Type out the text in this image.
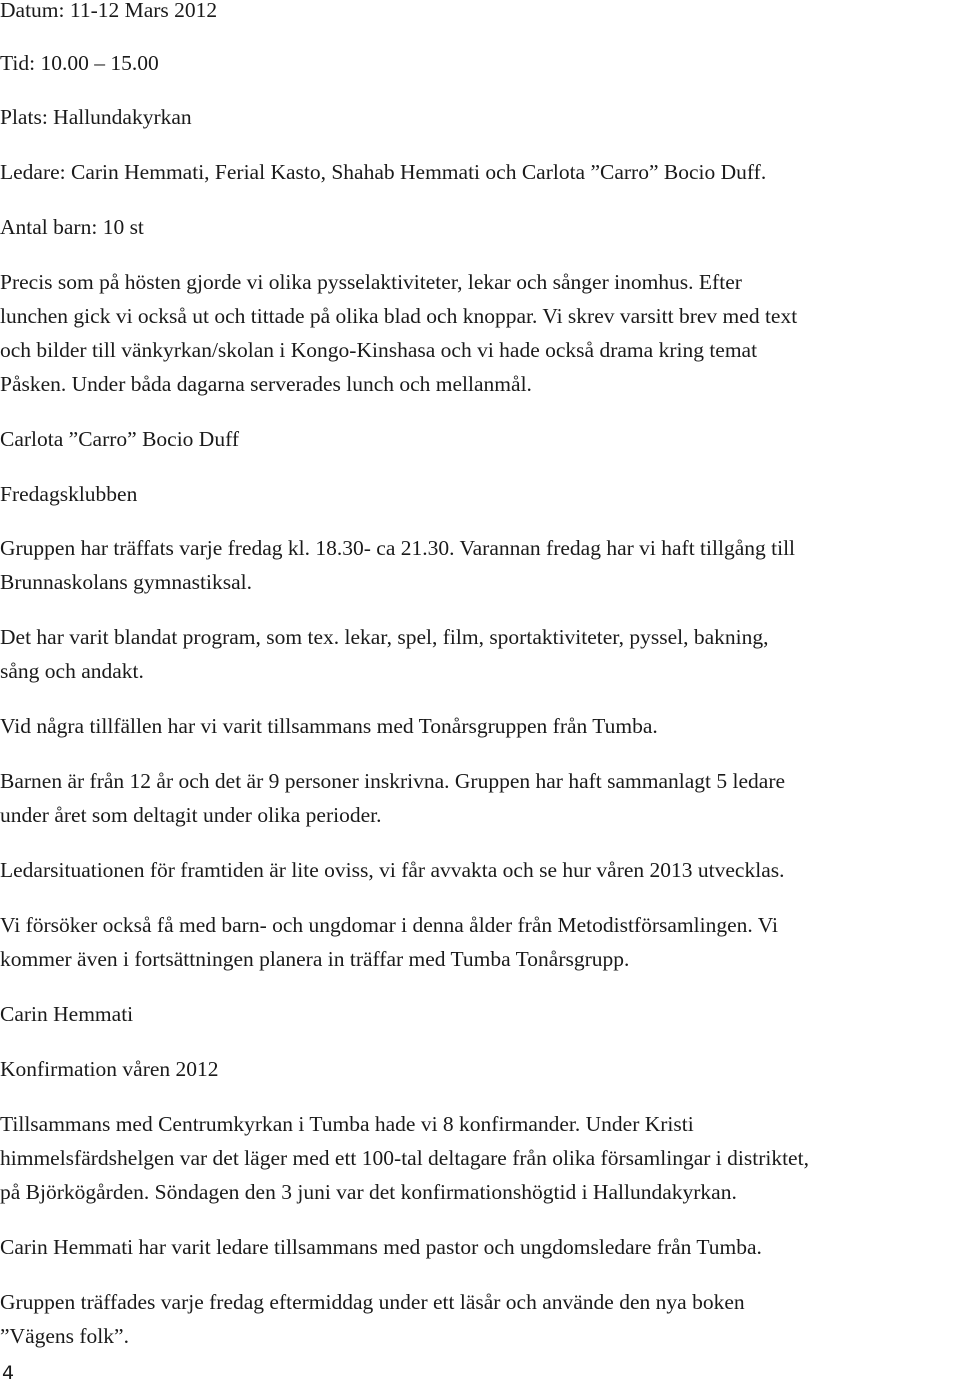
Datum: 11-12 Mars 2012
Tid: 10.00 – 15.00
Plats: Hallundakyrkan
Ledare: Carin Hemmati, Ferial Kasto, Shahab Hemmati och Carlota ”Carro” Bocio Duff.
Antal barn: 10 st
Precis som på hösten gjorde vi olika pysselaktiviteter, lekar och sånger inomhus. Efter
lunchen gick vi också ut och tittade på olika blad och knoppar. Vi skrev varsitt brev med text
och bilder till vänkyrkan/skolan i Kongo-Kinshasa och vi hade också drama kring temat
Påsken. Under båda dagarna serverades lunch och mellanmål.
Carlota ”Carro” Bocio Duff
Fredagsklubben
Gruppen har träffats varje fredag kl. 18.30- ca 21.30. Varannan fredag har vi haft tillgång till
Brunnaskolans gymnastiksal.
Det har varit blandat program, som tex. lekar, spel, film, sportaktiviteter, pyssel, bakning,
sång och andakt.
Vid några tillfällen har vi varit tillsammans med Tonårsgruppen från Tumba.
Barnen är från 12 år och det är 9 personer inskrivna. Gruppen har haft sammanlagt 5 ledare
under året som deltagit under olika perioder.
Ledarsituationen för framtiden är lite oviss, vi får avvakta och se hur våren 2013 utvecklas.
Vi försöker också få med barn- och ungdomar i denna ålder från Metodistförsamlingen. Vi
kommer även i fortsättningen planera in träffar med Tumba Tonårsgrupp.
Carin Hemmati
Konfirmation våren 2012
Tillsammans med Centrumkyrkan i Tumba hade vi 8 konfirmander. Under Kristi
himmelsfärdshelgen var det läger med ett 100-tal deltagare från olika församlingar i distriktet,
på Björkögården. Söndagen den 3 juni var det konfirmationshögtid i Hallundakyrkan.
Carin Hemmati har varit ledare tillsammans med pastor och ungdomsledare från Tumba.
Gruppen träffades varje fredag eftermiddag under ett läsår och använde den nya boken
”Vägens folk”.
4
